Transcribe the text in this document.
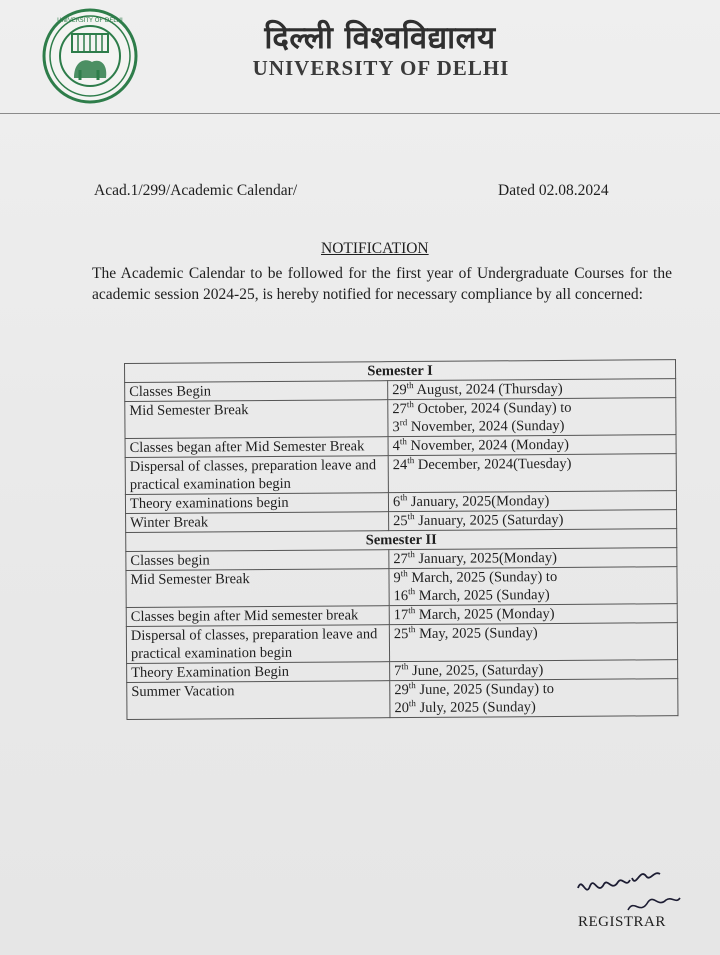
UNIVERSITY OF DELHI	दिल्ली विश्वविद्यालय
UNIVERSITY OF DELHI
Acad.1/299/Academic Calendar/	Dated 02.08.2024
NOTIFICATION
The Academic Calendar to be followed for the first year of Undergraduate Courses for the academic session 2024-25, is hereby notified for necessary compliance by all concerned:
Semester I	
Classes Begin	29th August, 2024 (Thursday)

Mid Semester Break	27th October, 2024 (Sunday) to
3rd November, 2024 (Sunday)

Classes began after Mid Semester Break	4th November, 2024 (Monday)

Dispersal of classes, preparation leave and practical examination begin	24th December, 2024(Tuesday)

Theory examinations begin	6th January, 2025(Monday)

Winter Break	25th January, 2025 (Saturday)

Semester II	
Classes begin	27th January, 2025(Monday)

Mid Semester Break	9th March, 2025 (Sunday) to
16th March, 2025 (Sunday)

Classes begin after Mid semester break	17th March, 2025 (Monday)

Dispersal of classes, preparation leave and practical examination begin	25th May, 2025 (Sunday)

Theory Examination Begin	7th June, 2025, (Saturday)

Summer Vacation	29th June, 2025 (Sunday) to
20th July, 2025 (Sunday)
REGISTRAR
